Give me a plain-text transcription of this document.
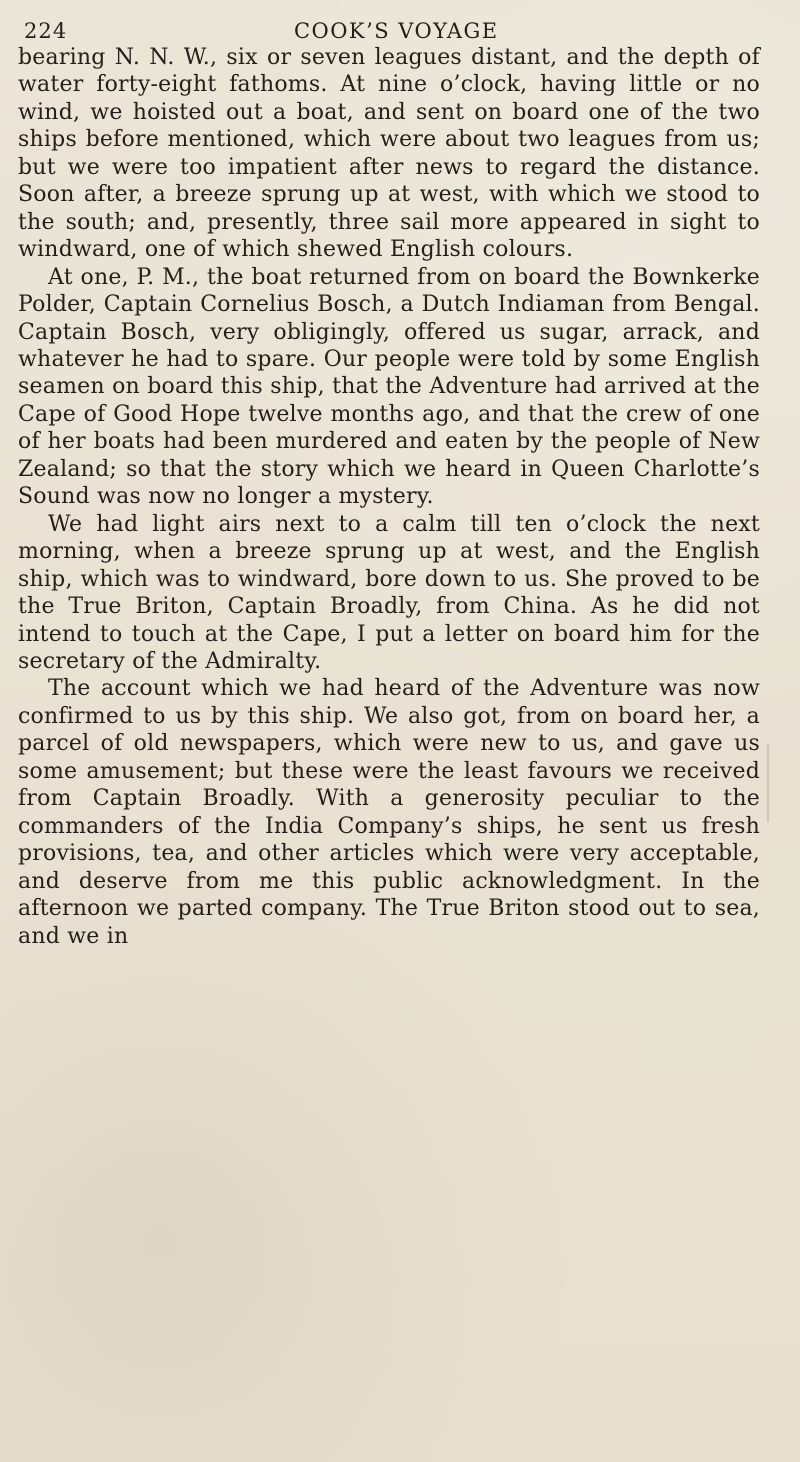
224	COOK’S VOYAGE

bearing N. N. W., six or seven leagues distant, and the depth of water forty-eight fathoms. At nine o’clock, having little or no wind, we hoisted out a boat, and sent on board one of the two ships before mentioned, which were about two leagues from us; but we were too impatient after news to regard the distance. Soon after, a breeze sprung up at west, with which we stood to the south; and, presently, three sail more appeared in sight to windward, one of which shewed English colours.

At one, P. M., the boat returned from on board the Bownkerke Polder, Captain Cornelius Bosch, a Dutch Indiaman from Bengal. Captain Bosch, very obligingly, offered us sugar, arrack, and whatever he had to spare. Our people were told by some English seamen on board this ship, that the Adventure had arrived at the Cape of Good Hope twelve months ago, and that the crew of one of her boats had been murdered and eaten by the people of New Zealand; so that the story which we heard in Queen Charlotte’s Sound was now no longer a mystery.

We had light airs next to a calm till ten o’clock the next morning, when a breeze sprung up at west, and the English ship, which was to windward, bore down to us. She proved to be the True Briton, Captain Broadly, from China. As he did not intend to touch at the Cape, I put a letter on board him for the secretary of the Admiralty.

The account which we had heard of the Adventure was now confirmed to us by this ship. We also got, from on board her, a parcel of old newspapers, which were new to us, and gave us some amusement; but these were the least favours we received from Captain Broadly. With a generosity peculiar to the commanders of the India Company’s ships, he sent us fresh provisions, tea, and other articles which were very acceptable, and deserve from me this public acknowledgment. In the afternoon we parted company. The True Briton stood out to sea, and we in
